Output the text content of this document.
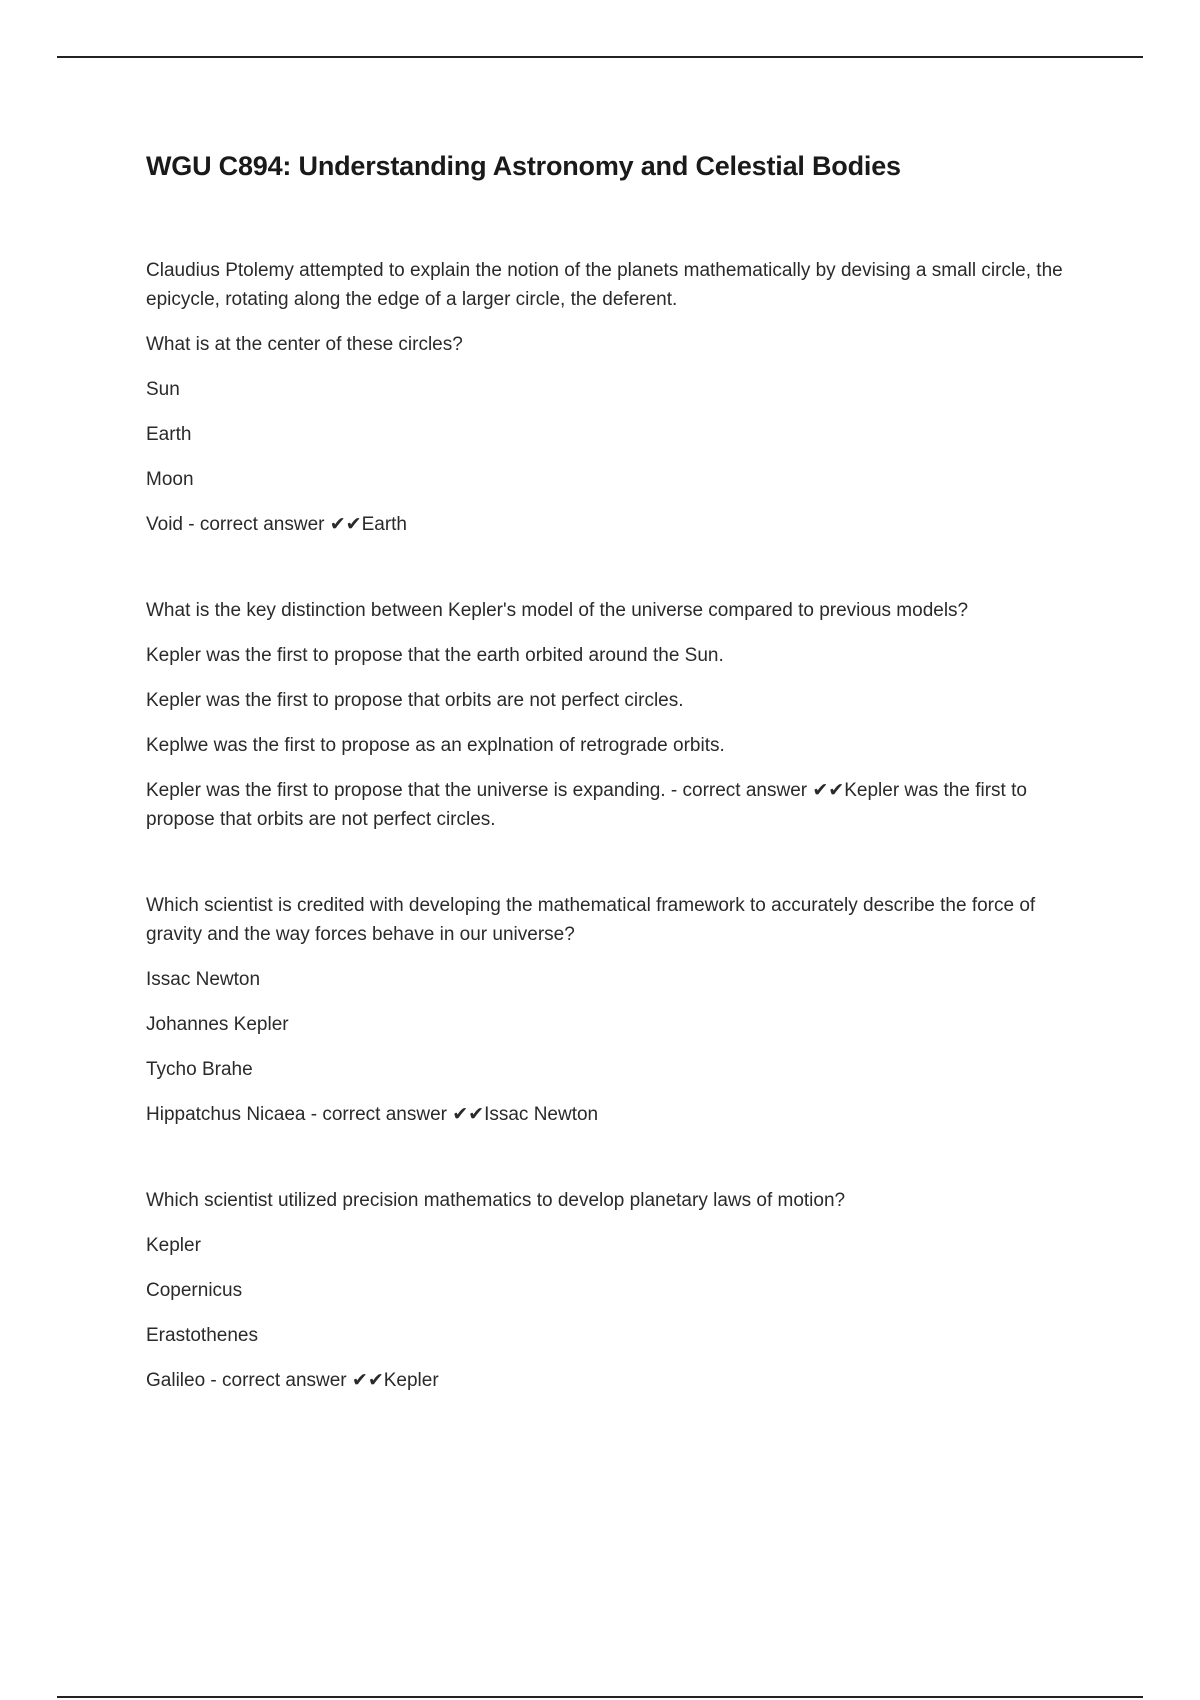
WGU C894: Understanding Astronomy and Celestial Bodies

Claudius Ptolemy attempted to explain the notion of the planets mathematically by devising a small circle, the epicycle, rotating along the edge of a larger circle, the deferent.

What is at the center of these circles?

Sun

Earth

Moon

Void - correct answer ✔✔Earth

What is the key distinction between Kepler's model of the universe compared to previous models?

Kepler was the first to propose that the earth orbited around the Sun.

Kepler was the first to propose that orbits are not perfect circles.

Keplwe was the first to propose as an explnation of retrograde orbits.

Kepler was the first to propose that the universe is expanding. - correct answer ✔✔Kepler was the first to propose that orbits are not perfect circles.

Which scientist is credited with developing the mathematical framework to accurately describe the force of gravity and the way forces behave in our universe?

Issac Newton

Johannes Kepler

Tycho Brahe

Hippatchus Nicaea - correct answer ✔✔Issac Newton

Which scientist utilized precision mathematics to develop planetary laws of motion?

Kepler

Copernicus

Erastothenes

Galileo - correct answer ✔✔Kepler
